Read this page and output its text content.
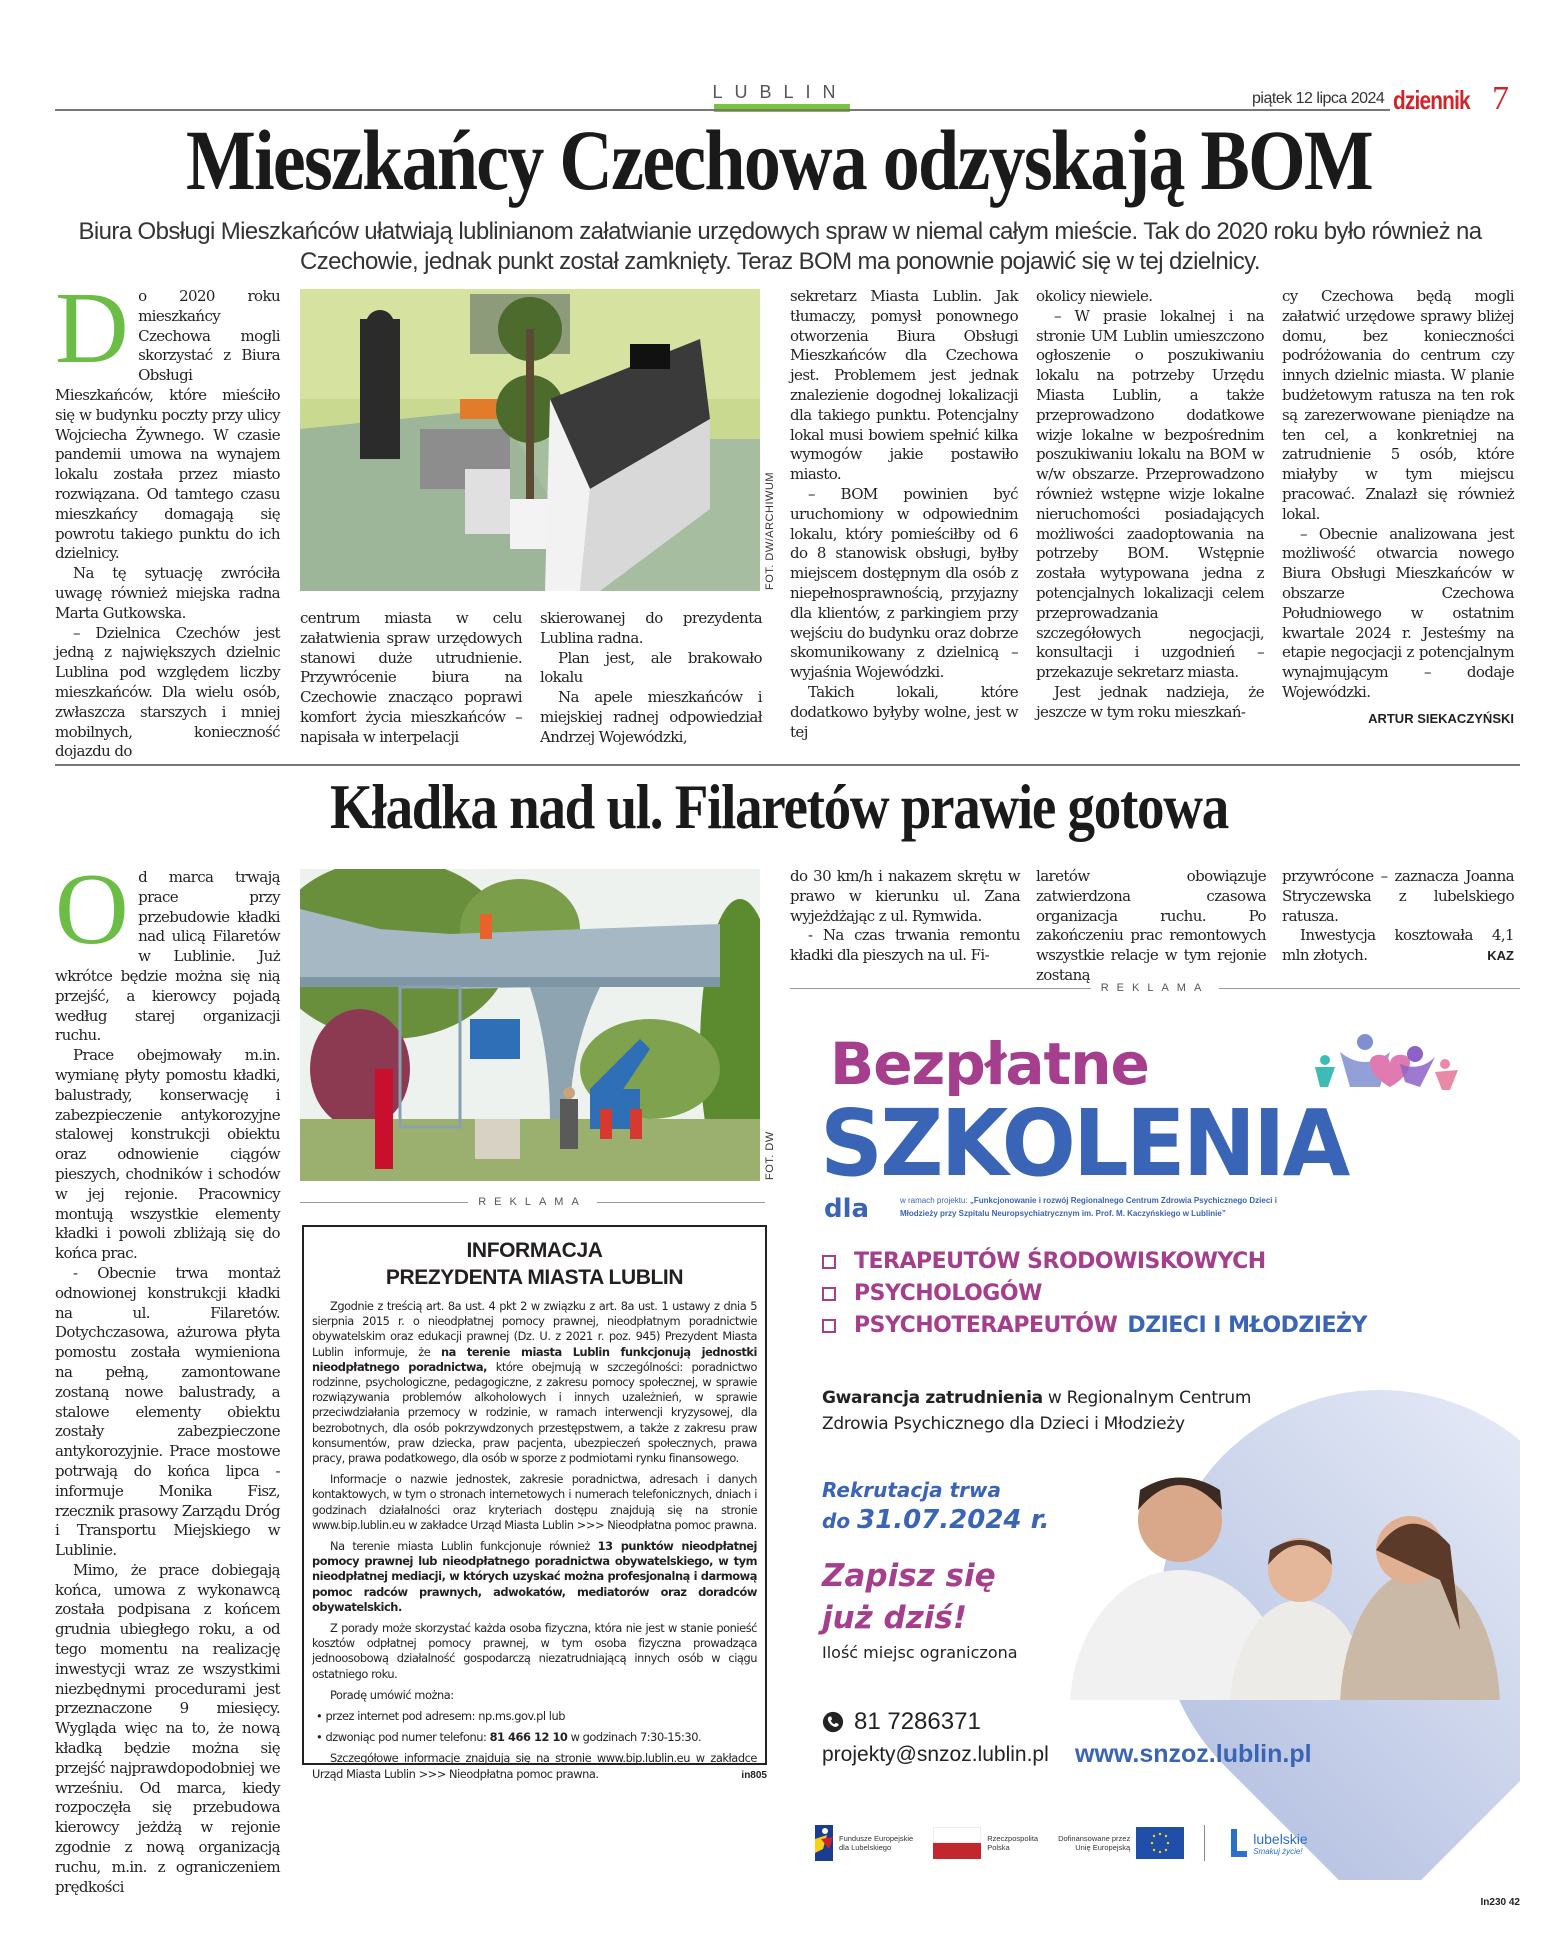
LUBLIN	piątek 12 lipca 2024 dziennik 7
Mieszkańcy Czechowa odzyskają BOM
Biura Obsługi Mieszkańców ułatwiają lublinianom załatwianie urzędowych spraw w niemal całym mieście. Tak do 2020 roku było również na Czechowie, jednak punkt został zamknięty. Teraz BOM ma ponownie pojawić się w tej dzielnicy.
D o 2020 roku mieszkańcy Czechowa mogli skorzystać z Biura Obsługi Mieszkańców, które mieściło się w budynku poczty przy ulicy Wojciecha Żywnego. W czasie pandemii umowa na wynajem lokalu została przez miasto rozwiązana. Od tamtego czasu mieszkańcy domagają się powrotu takiego punktu do ich dzielnicy.

Na tę sytuację zwróciła uwagę również miejska radna Marta Gutkowska.

– Dzielnica Czechów jest jedną z największych dzielnic Lublina pod względem liczby mieszkańców. Dla wielu osób, zwłaszcza starszych i mniej mobilnych, konieczność dojazdu do

FOT. DW/ARCHIWUM

centrum miasta w celu załatwienia spraw urzędowych stanowi duże utrudnienie. Przywrócenie biura na Czechowie znacząco poprawi komfort życia mieszkańców – napisała w interpelacji

skierowanej do prezydenta Lublina radna.

Plan jest, ale brakowało lokalu

Na apele mieszkańców i miejskiej radnej odpowiedział Andrzej Wojewódzki,

sekretarz Miasta Lublin. Jak tłumaczy, pomysł ponownego otworzenia Biura Obsługi Mieszkańców dla Czechowa jest. Problemem jest jednak znalezienie dogodnej lokalizacji dla takiego punktu. Potencjalny lokal musi bowiem spełnić kilka wymogów jakie postawiło miasto.

– BOM powinien być uruchomiony w odpowiednim lokalu, który pomieściłby od 6 do 8 stanowisk obsługi, byłby miejscem dostępnym dla osób z niepełnosprawnością, przyjazny dla klientów, z parkingiem przy wejściu do budynku oraz dobrze skomunikowany z dzielnicą – wyjaśnia Wojewódzki.

Takich lokali, które dodatkowo byłyby wolne, jest w tej

okolicy niewiele.

– W prasie lokalnej i na stronie UM Lublin umieszczono ogłoszenie o poszukiwaniu lokalu na potrzeby Urzędu Miasta Lublin, a także przeprowadzono dodatkowe wizje lokalne w bezpośrednim poszukiwaniu lokalu na BOM w w/w obszarze. Przeprowadzono również wstępne wizje lokalne nieruchomości posiadających możliwości zaadoptowania na potrzeby BOM. Wstępnie została wytypowana jedna z potencjalnych lokalizacji celem przeprowadzania szczegółowych negocjacji, konsultacji i uzgodnień – przekazuje sekretarz miasta.

Jest jednak nadzieja, że jeszcze w tym roku mieszkań-

cy Czechowa będą mogli załatwić urzędowe sprawy bliżej domu, bez konieczności podróżowania do centrum czy innych dzielnic miasta. W planie budżetowym ratusza na ten rok są zarezerwowane pieniądze na ten cel, a konkretniej na zatrudnienie 5 osób, które miałyby w tym miejscu pracować. Znalazł się również lokal.

– Obecnie analizowana jest możliwość otwarcia nowego Biura Obsługi Mieszkańców w obszarze Czechowa Południowego w ostatnim kwartale 2024 r. Jesteśmy na etapie negocjacji z potencjalnym wynajmującym – dodaje Wojewódzki.

ARTUR SIEKACZYŃSKI
Kładka nad ul. Filaretów prawie gotowa
O d marca trwają prace przy przebudowie kładki nad ulicą Filaretów w Lublinie. Już wkrótce będzie można się nią przejść, a kierowcy pojadą według starej organizacji ruchu.

Prace obejmowały m.in. wymianę płyty pomostu kładki, balustrady, konserwację i zabezpieczenie antykorozyjne stalowej konstrukcji obiektu oraz odnowienie ciągów pieszych, chodników i schodów w jej rejonie. Pracownicy montują wszystkie elementy kładki i powoli zbliżają się do końca prac.

- Obecnie trwa montaż odnowionej konstrukcji kładki na ul. Filaretów. Dotychczasowa, ażurowa płyta pomostu została wymieniona na pełną, zamontowane zostaną nowe balustrady, a stalowe elementy obiektu zostały zabezpieczone antykorozyjnie. Prace mostowe potrwają do końca lipca - informuje Monika Fisz, rzecznik prasowy Zarządu Dróg i Transportu Miejskiego w Lublinie.

Mimo, że prace dobiegają końca, umowa z wykonawcą została podpisana z końcem grudnia ubiegłego roku, a od tego momentu na realizację inwestycji wraz ze wszystkimi niezbędnymi procedurami jest przeznaczone 9 miesięcy. Wygląda więc na to, że nową kładką będzie można się przejść najprawdopodobniej we wrześniu. Od marca, kiedy rozpoczęła się przebudowa kierowcy jeżdżą w rejonie zgodnie z nową organizacją ruchu, m.in. z ograniczeniem prędkości

FOT. DW
REKLAMA

do 30 km/h i nakazem skrętu w prawo w kierunku ul. Zana wyjeżdżając z ul. Rymwida.

- Na czas trwania remontu kładki dla pieszych na ul. Fi-

laretów obowiązuje zatwierdzona czasowa organizacja ruchu. Po zakończeniu prac remontowych wszystkie relacje w tym rejonie zostaną

przywrócone – zaznacza Joanna Stryczewska z lubelskiego ratusza.

Inwestycja kosztowała 4,1 mln złotych.	KAZ
REKLAMA
INFORMACJA
PREZYDENTA MIASTA LUBLIN

Zgodnie z treścią art. 8a ust. 4 pkt 2 w związku z art. 8a ust. 1 ustawy z dnia 5 sierpnia 2015 r. o nieodpłatnej pomocy prawnej, nieodpłatnym poradnictwie obywatelskim oraz edukacji prawnej (Dz. U. z 2021 r. poz. 945) Prezydent Miasta Lublin informuje, że na terenie miasta Lublin funkcjonują jednostki nieodpłatnego poradnictwa, które obejmują w szczególności: poradnictwo rodzinne, psychologiczne, pedagogiczne, z zakresu pomocy społecznej, w sprawie rozwiązywania problemów alkoholowych i innych uzależnień, w sprawie przeciwdziałania przemocy w rodzinie, w ramach interwencji kryzysowej, dla bezrobotnych, dla osób pokrzywdzonych przestępstwem, a także z zakresu praw konsumentów, praw dziecka, praw pacjenta, ubezpieczeń społecznych, prawa pracy, prawa podatkowego, dla osób w sporze z podmiotami rynku finansowego.

Informacje o nazwie jednostek, zakresie poradnictwa, adresach i danych kontaktowych, w tym o stronach internetowych i numerach telefonicznych, dniach i godzinach działalności oraz kryteriach dostępu znajdują się na stronie www.bip.lublin.eu w zakładce Urząd Miasta Lublin >>> Nieodpłatna pomoc prawna.

Na terenie miasta Lublin funkcjonuje również 13 punktów nieodpłatnej pomocy prawnej lub nieodpłatnego poradnictwa obywatelskiego, w tym nieodpłatnej mediacji, w których uzyskać można profesjonalną i darmową pomoc radców prawnych, adwokatów, mediatorów oraz doradców obywatelskich.

Z porady może skorzystać każda osoba fizyczna, która nie jest w stanie ponieść kosztów odpłatnej pomocy prawnej, w tym osoba fizyczna prowadząca jednoosobową działalność gospodarczą niezatrudniającą innych osób w ciągu ostatniego roku.

Poradę umówić można:

• przez internet pod adresem: np.ms.gov.pl lub
• dzwoniąc pod numer telefonu: 81 466 12 10 w godzinach 7:30-15:30.

Szczegółowe informacje znajdują się na stronie www.bip.lublin.eu w zakładce Urząd Miasta Lublin >>> Nieodpłatna pomoc prawna.	in805
Bezpłatne
SZKOLENIA
dla	w ramach projektu: „Funkcjonowanie i rozwój Regionalnego Centrum Zdrowia Psychicznego Dzieci i Młodzieży przy Szpitalu Neuropsychiatrycznym im. Prof. M. Kaczyńskiego w Lublinie”
TERAPEUTÓW ŚRODOWISKOWYCH
PSYCHOLOGÓW
PSYCHOTERAPEUTÓW DZIECI I MŁODZIEŻY
Gwarancja zatrudnienia w Regionalnym Centrum Zdrowia Psychicznego dla Dzieci i Młodzieży
Rekrutacja trwa
do 31.07.2024 r.
Zapisz się
już dziś!
Ilość miejsc ograniczona
81 7286371
projekty@snzoz.lublin.pl www.snzoz.lublin.pl
Fundusze Europejskie
dla Lubelskiego
Rzeczpospolita
Polska
Dofinansowane przez
Unię Europejską
lubelskie
Smakuj życie!
In230 42
